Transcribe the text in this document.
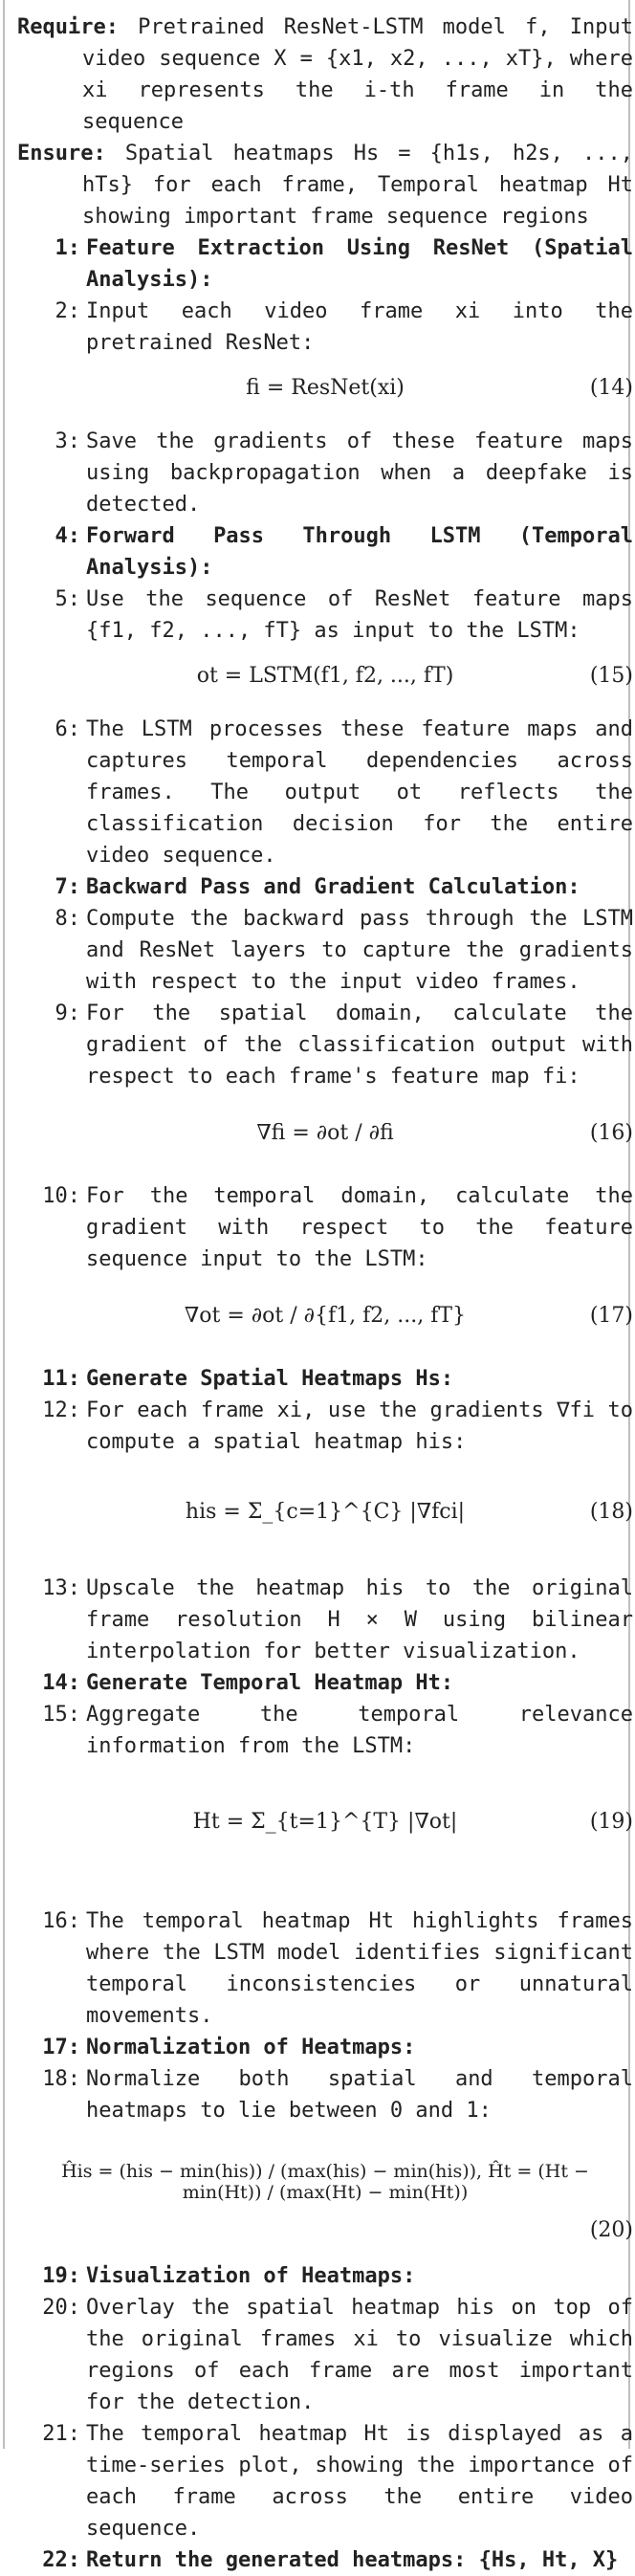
Require: Pretrained ResNet-LSTM model f, Input video sequence X = {x1, x2, ..., xT}, where xi represents the i-th frame in the sequence
Ensure: Spatial heatmaps Hs = {h1s, h2s, ..., hTs} for each frame, Temporal heatmap Ht showing important frame sequence regions
1: Feature Extraction Using ResNet (Spatial Analysis):
2: Input each video frame xi into the pretrained ResNet:
fi = ResNet(xi)	(14)
3: Save the gradients of these feature maps using backpropagation when a deepfake is detected.
4: Forward Pass Through LSTM (Temporal Analysis):
5: Use the sequence of ResNet feature maps {f1, f2, ..., fT} as input to the LSTM:
ot = LSTM(f1, f2, ..., fT)	(15)
6: The LSTM processes these feature maps and captures temporal dependencies across frames. The output ot reflects the classification decision for the entire video sequence.
7: Backward Pass and Gradient Calculation:
8: Compute the backward pass through the LSTM and ResNet layers to capture the gradients with respect to the input video frames.
9: For the spatial domain, calculate the gradient of the classification output with respect to each frame's feature map fi:
∇fi = ∂ot / ∂fi	(16)
10: For the temporal domain, calculate the gradient with respect to the feature sequence input to the LSTM:
∇ot = ∂ot / ∂{f1, f2, ..., fT}	(17)
11: Generate Spatial Heatmaps Hs:
12: For each frame xi, use the gradients ∇fi to compute a spatial heatmap his:
his = Σ_{c=1}^{C} |∇fci|	(18)
13: Upscale the heatmap his to the original frame resolution H × W using bilinear interpolation for better visualization.
14: Generate Temporal Heatmap Ht:
15: Aggregate the temporal relevance information from the LSTM:
Ht = Σ_{t=1}^{T} |∇ot|	(19)
16: The temporal heatmap Ht highlights frames where the LSTM model identifies significant temporal inconsistencies or unnatural movements.
17: Normalization of Heatmaps:
18: Normalize both spatial and temporal heatmaps to lie between 0 and 1:
Ĥis = (his − min(his)) / (max(his) − min(his)), Ĥt = (Ht − min(Ht)) / (max(Ht) − min(Ht))
(20)
19: Visualization of Heatmaps:
20: Overlay the spatial heatmap his on top of the original frames xi to visualize which regions of each frame are most important for the detection.
21: The temporal heatmap Ht is displayed as a time-series plot, showing the importance of each frame across the entire video sequence.
22: Return the generated heatmaps: {Hs, Ht, X}
